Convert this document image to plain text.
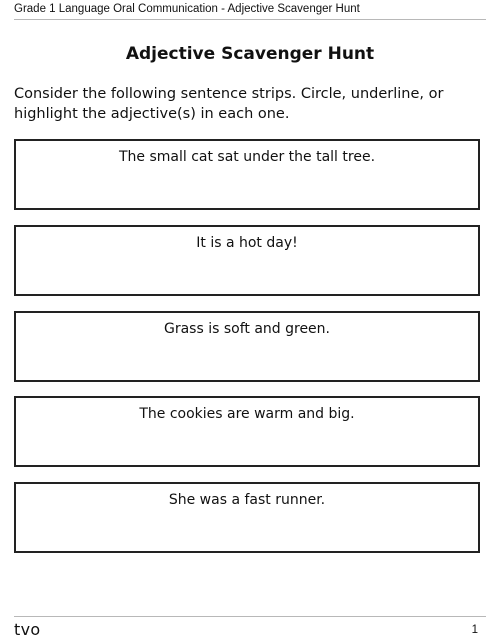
Grade 1 Language Oral Communication - Adjective Scavenger Hunt
Adjective Scavenger Hunt

Consider the following sentence strips. Circle, underline, or highlight the adjective(s) in each one.

The small cat sat under the tall tree.
It is a hot day!
Grass is soft and green.
The cookies are warm and big.
She was a fast runner.
tvo	1
